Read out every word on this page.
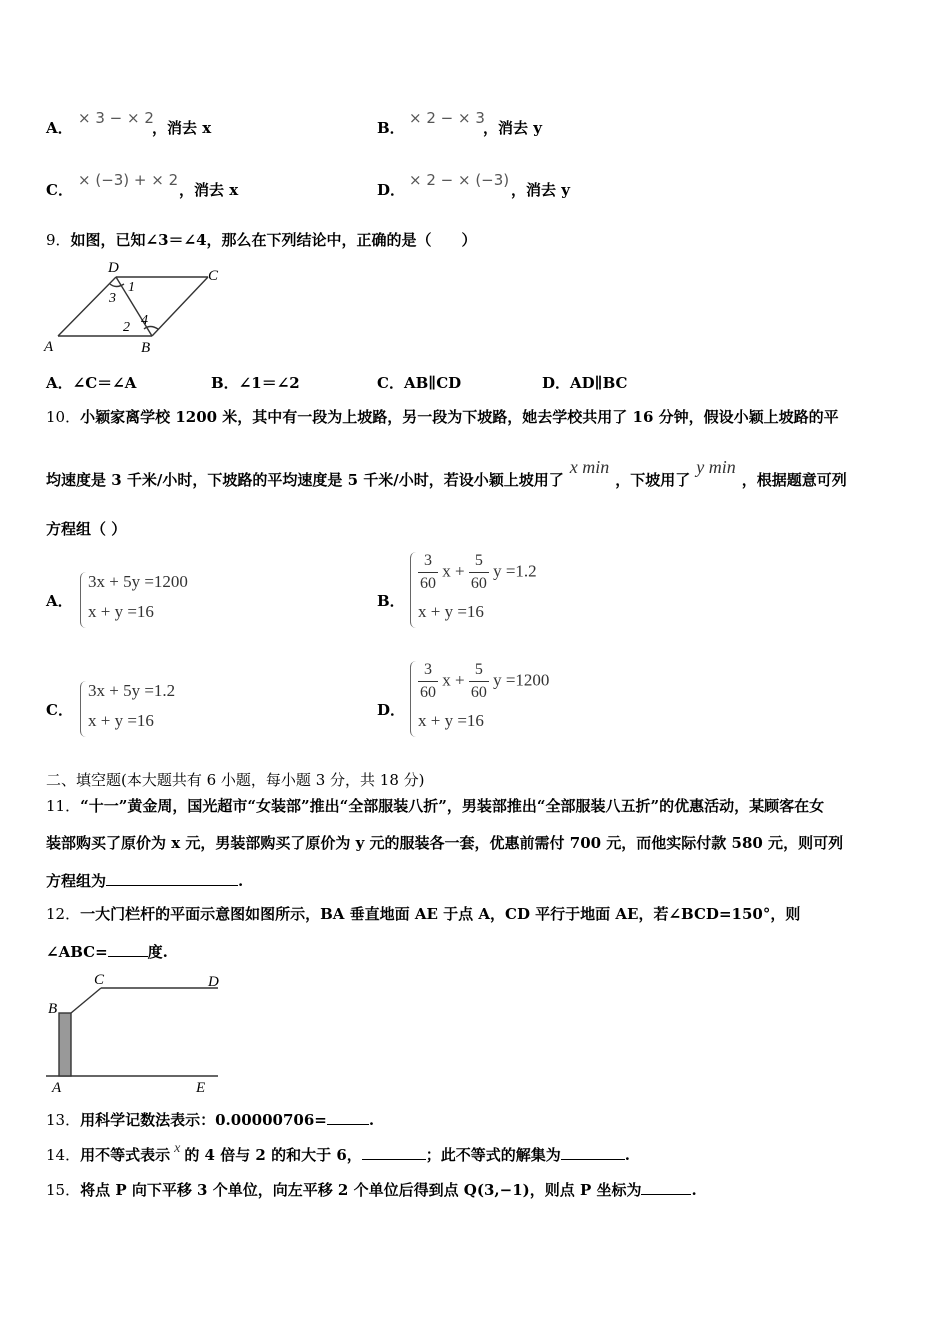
A．
× 3 − × 2
，消去 x	B．
× 2 − × 3
，消去 y
C．
× (−3) + × 2
，消去 x	D．
× 2 − × (−3)
，消去 y
9．如图，已知∠3＝∠4，那么在下列结论中，正确的是（　　）
A	B
C
D
1
2
3
4
A．∠C＝∠A	B．∠1＝∠2	C．AB∥CD	D．AD∥BC
10．小颖家离学校 1200 米，其中有一段为上坡路，另一段为下坡路，她去学校共用了 16 分钟，假设小颖上坡路的平
均速度是 3 千米/小时，下坡路的平均速度是 5 千米/小时，若设小颖上坡用了x min，下坡用了y min，根据题意可列
方程组（ ）
A．
3x + 5y =1200
x + y =16
B．
$\frac{3}{60}$ $x + \frac{5}{60}$ y =1.2
x + y =16
C．
3x + 5y =1.2
x + y =16
D．
$\frac{3}{60}$ $x + \frac{5}{60}$ y =1200
x + y =16
二、填空题(本大题共有 6 小题，每小题 3 分，共 18 分)
11．“十一”黄金周，国光超市“女装部”推出“全部服装八折”，男装部推出“全部服装八五折”的优惠活动，某顾客在女
装部购买了原价为 x 元，男装部购买了原价为 y 元的服装各一套，优惠前需付 700 元，而他实际付款 580 元，则可列
方程组为	.
12．一大门栏杆的平面示意图如图所示，BA 垂直地面 AE 于点 A，CD 平行于地面 AE，若∠BCD=150°，则
∠ABC=	度.
A
B
C	D
E
13．用科学记数法表示：0.00000706=	.
14．用不等式表示 x 的 4 倍与 2 的和大于 6，	；此不等式的解集为	.
15．将点 P 向下平移 3 个单位，向左平移 2 个单位后得到点 Q(3,−1)，则点 P 坐标为	.
